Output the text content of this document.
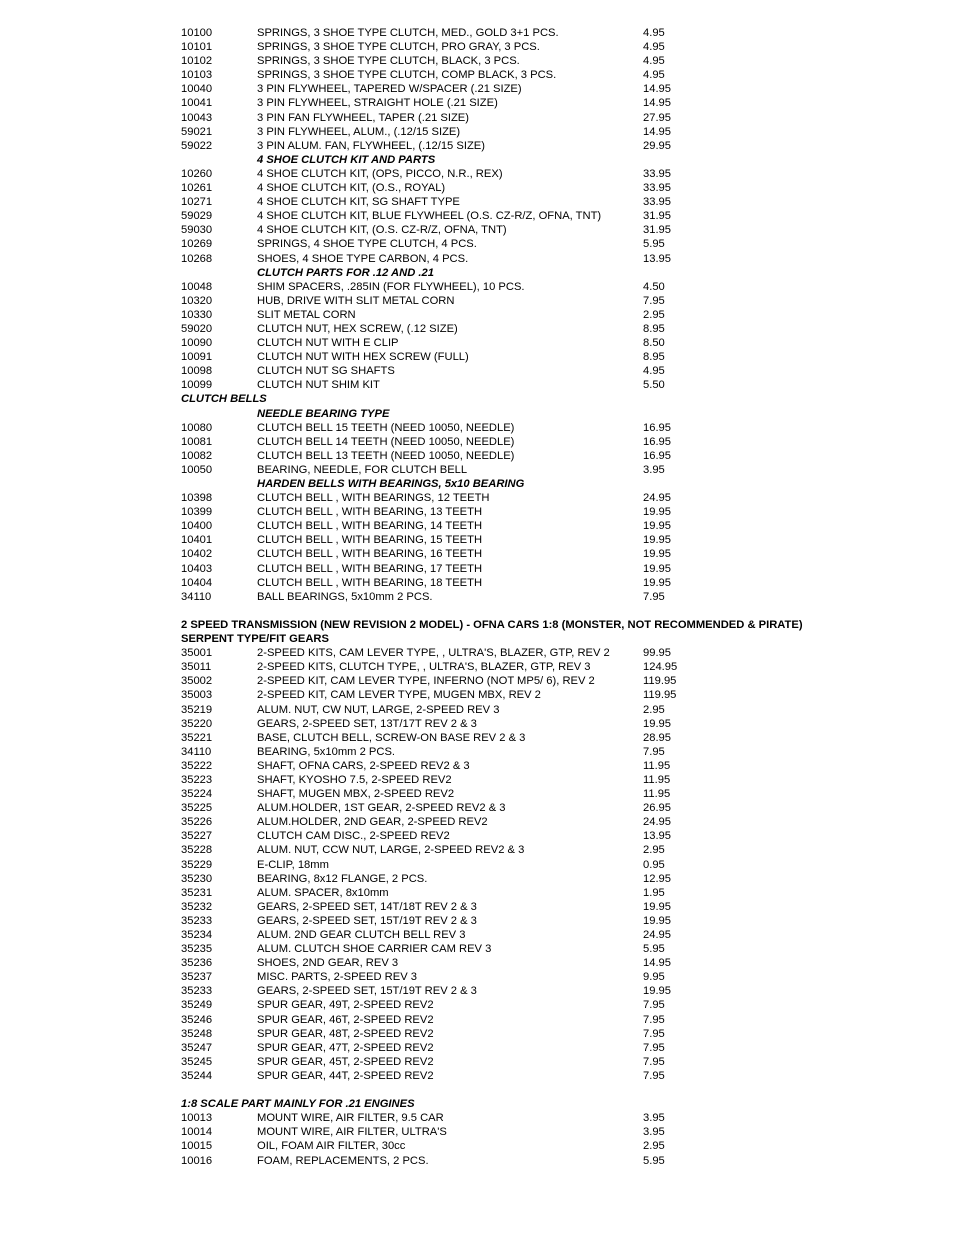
10100	SPRINGS, 3 SHOE TYPE CLUTCH, MED., GOLD 3+1 PCS.	4.95
10101	SPRINGS, 3 SHOE TYPE CLUTCH, PRO GRAY, 3 PCS.	4.95
10102	SPRINGS, 3 SHOE TYPE CLUTCH, BLACK, 3 PCS.	4.95
10103	SPRINGS, 3 SHOE TYPE CLUTCH, COMP BLACK, 3 PCS.	4.95
10040	3 PIN FLYWHEEL, TAPERED W/SPACER (.21 SIZE)	14.95
10041	3 PIN FLYWHEEL, STRAIGHT HOLE (.21 SIZE)	14.95
10043	3 PIN FAN FLYWHEEL, TAPER (.21 SIZE)	27.95
59021	3 PIN FLYWHEEL, ALUM., (.12/15 SIZE)	14.95
59022	3 PIN ALUM. FAN, FLYWHEEL, (.12/15 SIZE)	29.95
4 SHOE CLUTCH KIT AND PARTS
10260	4 SHOE CLUTCH KIT, (OPS, PICCO, N.R., REX)	33.95
10261	4 SHOE CLUTCH KIT, (O.S., ROYAL)	33.95
10271	4 SHOE CLUTCH KIT, SG SHAFT TYPE	33.95
59029	4 SHOE CLUTCH KIT, BLUE FLYWHEEL (O.S. CZ-R/Z, OFNA, TNT)	31.95
59030	4 SHOE CLUTCH KIT, (O.S. CZ-R/Z, OFNA, TNT)	31.95
10269	SPRINGS, 4 SHOE TYPE CLUTCH, 4 PCS.	5.95
10268	SHOES, 4 SHOE TYPE CARBON, 4 PCS.	13.95
CLUTCH PARTS FOR .12 AND .21
10048	SHIM SPACERS, .285IN (FOR FLYWHEEL), 10 PCS.	4.50
10320	HUB, DRIVE WITH SLIT METAL CORN	7.95
10330	SLIT METAL CORN	2.95
59020	CLUTCH NUT, HEX SCREW, (.12 SIZE)	8.95
10090	CLUTCH NUT WITH E CLIP	8.50
10091	CLUTCH NUT WITH HEX SCREW (FULL)	8.95
10098	CLUTCH NUT SG SHAFTS	4.95
10099	CLUTCH NUT SHIM KIT	5.50
CLUTCH BELLS
NEEDLE BEARING TYPE
10080	CLUTCH BELL 15 TEETH (NEED 10050, NEEDLE)	16.95
10081	CLUTCH BELL 14 TEETH (NEED 10050, NEEDLE)	16.95
10082	CLUTCH BELL 13 TEETH (NEED 10050, NEEDLE)	16.95
10050	BEARING, NEEDLE, FOR CLUTCH BELL	3.95
HARDEN BELLS WITH BEARINGS, 5x10 BEARING
10398	CLUTCH BELL , WITH BEARINGS, 12 TEETH	24.95
10399	CLUTCH BELL , WITH BEARING, 13 TEETH	19.95
10400	CLUTCH BELL , WITH BEARING, 14 TEETH	19.95
10401	CLUTCH BELL , WITH BEARING, 15 TEETH	19.95
10402	CLUTCH BELL , WITH BEARING, 16 TEETH	19.95
10403	CLUTCH BELL , WITH BEARING, 17 TEETH	19.95
10404	CLUTCH BELL , WITH BEARING, 18 TEETH	19.95
34110	BALL BEARINGS, 5x10mm 2 PCS.	7.95
2 SPEED TRANSMISSION (NEW REVISION 2 MODEL) - OFNA CARS 1:8 (MONSTER, NOT RECOMMENDED & PIRATE)
SERPENT TYPE/FIT GEARS
35001	2-SPEED KITS, CAM LEVER TYPE, , ULTRA'S, BLAZER, GTP, REV 2	99.95
35011	2-SPEED KITS, CLUTCH TYPE, , ULTRA'S, BLAZER, GTP, REV 3	124.95
35002	2-SPEED KIT, CAM LEVER TYPE, INFERNO (NOT MP5/ 6), REV 2	119.95
35003	2-SPEED KIT, CAM LEVER TYPE, MUGEN MBX, REV 2	119.95
35219	ALUM. NUT, CW NUT, LARGE, 2-SPEED REV 3	2.95
35220	GEARS, 2-SPEED SET, 13T/17T REV 2 & 3	19.95
35221	BASE, CLUTCH BELL, SCREW-ON BASE REV 2 & 3	28.95
34110	BEARING, 5x10mm 2 PCS.	7.95
35222	SHAFT, OFNA CARS, 2-SPEED REV2 & 3	11.95
35223	SHAFT, KYOSHO 7.5, 2-SPEED REV2	11.95
35224	SHAFT, MUGEN MBX, 2-SPEED REV2	11.95
35225	ALUM.HOLDER, 1ST GEAR, 2-SPEED REV2 & 3	26.95
35226	ALUM.HOLDER, 2ND GEAR, 2-SPEED REV2	24.95
35227	CLUTCH CAM DISC., 2-SPEED REV2	13.95
35228	ALUM. NUT, CCW NUT, LARGE, 2-SPEED REV2 & 3	2.95
35229	E-CLIP, 18mm	0.95
35230	BEARING, 8x12 FLANGE, 2 PCS.	12.95
35231	ALUM. SPACER, 8x10mm	1.95
35232	GEARS, 2-SPEED SET, 14T/18T REV 2 & 3	19.95
35233	GEARS, 2-SPEED SET, 15T/19T REV 2 & 3	19.95
35234	ALUM. 2ND GEAR CLUTCH BELL REV 3	24.95
35235	ALUM. CLUTCH SHOE CARRIER CAM REV 3	5.95
35236	SHOES, 2ND GEAR, REV 3	14.95
35237	MISC. PARTS, 2-SPEED REV 3	9.95
35233	GEARS, 2-SPEED SET, 15T/19T REV 2 & 3	19.95
35249	SPUR GEAR, 49T, 2-SPEED REV2	7.95
35246	SPUR GEAR, 46T, 2-SPEED REV2	7.95
35248	SPUR GEAR, 48T, 2-SPEED REV2	7.95
35247	SPUR GEAR, 47T, 2-SPEED REV2	7.95
35245	SPUR GEAR, 45T, 2-SPEED REV2	7.95
35244	SPUR GEAR, 44T, 2-SPEED REV2	7.95
1:8 SCALE PART MAINLY FOR .21 ENGINES
10013	MOUNT WIRE, AIR FILTER, 9.5 CAR	3.95
10014	MOUNT WIRE, AIR FILTER, ULTRA'S	3.95
10015	OIL, FOAM AIR FILTER, 30cc	2.95
10016	FOAM, REPLACEMENTS, 2 PCS.	5.95
